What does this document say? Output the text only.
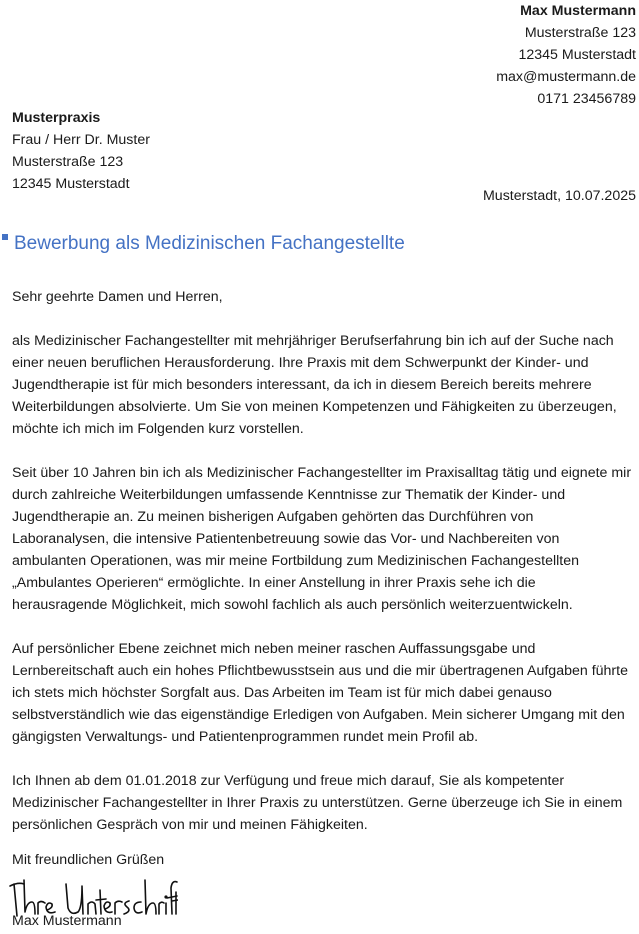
Max Mustermann
Musterstraße 123
12345 Musterstadt
max@mustermann.de
0171 23456789
Musterpraxis
Frau / Herr Dr. Muster
Musterstraße 123
12345 Musterstadt
Musterstadt, 10.07.2025
Bewerbung als Medizinischen Fachangestellte

Sehr geehrte Damen und Herren,

als Medizinischer Fachangestellter mit mehrjähriger Berufserfahrung bin ich auf der Suche nach einer neuen beruflichen Herausforderung. Ihre Praxis mit dem Schwerpunkt der Kinder- und Jugendtherapie ist für mich besonders interessant, da ich in diesem Bereich bereits mehrere Weiterbildungen absolvierte. Um Sie von meinen Kompetenzen und Fähigkeiten zu überzeugen, möchte ich mich im Folgenden kurz vorstellen.

Seit über 10 Jahren bin ich als Medizinischer Fachangestellter im Praxisalltag tätig und eignete mir durch zahlreiche Weiterbildungen umfassende Kenntnisse zur Thematik der Kinder- und Jugendtherapie an. Zu meinen bisherigen Aufgaben gehörten das Durchführen von Laboranalysen, die intensive Patientenbetreuung sowie das Vor- und Nachbereiten von ambulanten Operationen, was mir meine Fortbildung zum Medizinischen Fachangestellten „Ambulantes Operieren“ ermöglichte. In einer Anstellung in ihrer Praxis sehe ich die herausragende Möglichkeit, mich sowohl fachlich als auch persönlich weiterzuentwickeln.

Auf persönlicher Ebene zeichnet mich neben meiner raschen Auffassungsgabe und Lernbereitschaft auch ein hohes Pflichtbewusstsein aus und die mir übertragenen Aufgaben führte ich stets mich höchster Sorgfalt aus. Das Arbeiten im Team ist für mich dabei genauso selbstverständlich wie das eigenständige Erledigen von Aufgaben. Mein sicherer Umgang mit den gängigsten Verwaltungs- und Patientenprogrammen rundet mein Profil ab.

Ich Ihnen ab dem 01.01.2018 zur Verfügung und freue mich darauf, Sie als kompetenter Medizinischer Fachangestellter in Ihrer Praxis zu unterstützen. Gerne überzeuge ich Sie in einem persönlichen Gespräch von mir und meinen Fähigkeiten.

Mit freundlichen Grüßen
Max Mustermann
